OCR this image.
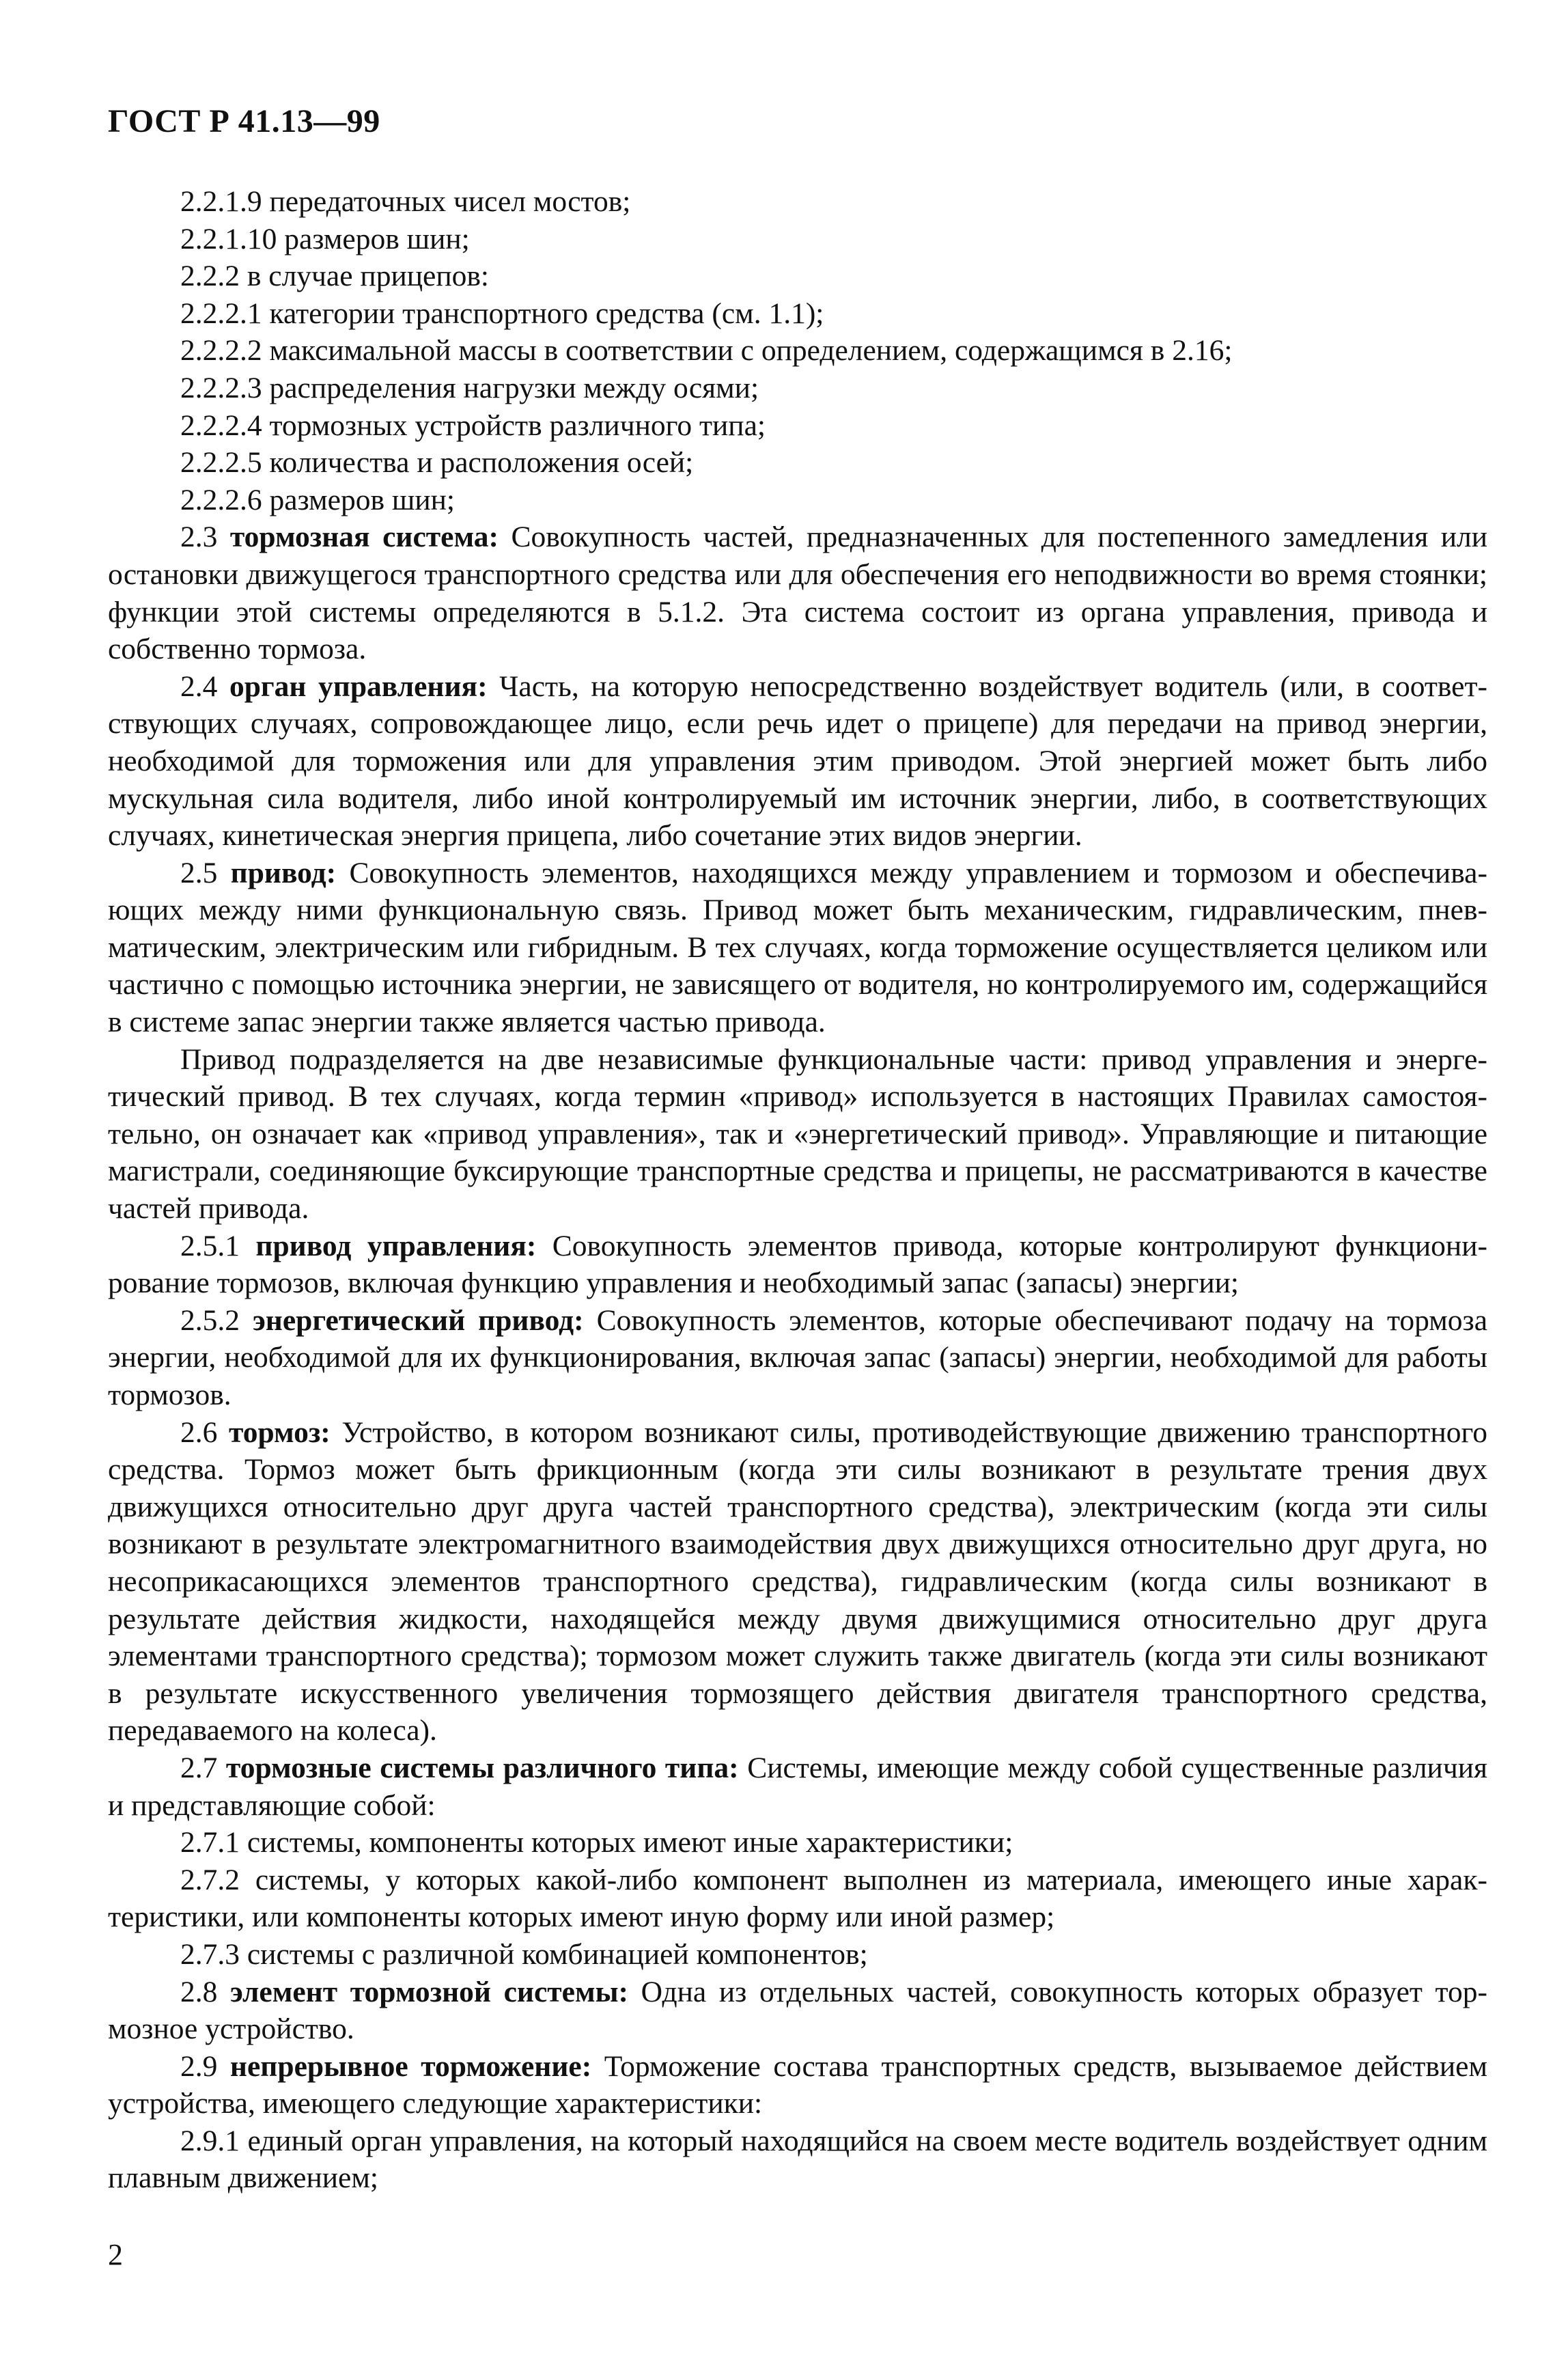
ГОСТ Р 41.13—99

2.2.1.9 передаточных чисел мостов;

2.2.1.10 размеров шин;

2.2.2 в случае прицепов:

2.2.2.1 категории транспортного средства (см. 1.1);

2.2.2.2 максимальной массы в соответствии с определением, содержащимся в 2.16;

2.2.2.3 распределения нагрузки между осями;

2.2.2.4 тормозных устройств различного типа;

2.2.2.5 количества и расположения осей;

2.2.2.6 размеров шин;

2.3 тормозная система: Совокупность частей, предназначенных для постепенного замедления или остановки движущегося транспортного средства или для обеспечения его неподвижности во время стоянки; функции этой системы определяются в 5.1.2. Эта система состоит из органа управления, привода и собственно тормоза.

2.4 орган управления: Часть, на которую непосредственно воздействует водитель (или, в соответствующих случаях, сопровождающее лицо, если речь идет о прицепе) для передачи на привод энергии, необходимой для торможения или для управления этим приводом. Этой энергией может быть либо мускульная сила водителя, либо иной контролируемый им источник энергии, либо, в соответствующих случаях, кинетическая энергия прицепа, либо сочетание этих видов энергии.

2.5 привод: Совокупность элементов, находящихся между управлением и тормозом и обеспечивающих между ними функциональную связь. Привод может быть механическим, гидравлическим, пневматическим, электрическим или гибридным. В тех случаях, когда торможение осуществляется целиком или частично с помощью источника энергии, не зависящего от водителя, но контролируемого им, содержащийся в системе запас энергии также является частью привода.

Привод подразделяется на две независимые функциональные части: привод управления и энергетический привод. В тех случаях, когда термин «привод» используется в настоящих Правилах самостоятельно, он означает как «привод управления», так и «энергетический привод». Управляющие и питающие магистрали, соединяющие буксирующие транспортные средства и прицепы, не рассматриваются в качестве частей привода.

2.5.1 привод управления: Совокупность элементов привода, которые контролируют функционирование тормозов, включая функцию управления и необходимый запас (запасы) энергии;

2.5.2 энергетический привод: Совокупность элементов, которые обеспечивают подачу на тормоза энергии, необходимой для их функционирования, включая запас (запасы) энергии, необходимой для работы тормозов.

2.6 тормоз: Устройство, в котором возникают силы, противодействующие движению транспортного средства. Тормоз может быть фрикционным (когда эти силы возникают в результате трения двух движущихся относительно друг друга частей транспортного средства), электрическим (когда эти силы возникают в результате электромагнитного взаимодействия двух движущихся относительно друг друга, но несоприкасающихся элементов транспортного средства), гидравлическим (когда силы возникают в результате действия жидкости, находящейся между двумя движущимися относительно друг друга элементами транспортного средства); тормозом может служить также двигатель (когда эти силы возникают в результате искусственного увеличения тормозящего действия двигателя транспортного средства, передаваемого на колеса).

2.7 тормозные системы различного типа: Системы, имеющие между собой существенные различия и представляющие собой:

2.7.1 системы, компоненты которых имеют иные характеристики;

2.7.2 системы, у которых какой-либо компонент выполнен из материала, имеющего иные характеристики, или компоненты которых имеют иную форму или иной размер;

2.7.3 системы с различной комбинацией компонентов;

2.8 элемент тормозной системы: Одна из отдельных частей, совокупность которых образует тормозное устройство.

2.9 непрерывное торможение: Торможение состава транспортных средств, вызываемое действием устройства, имеющего следующие характеристики:

2.9.1 единый орган управления, на который находящийся на своем месте водитель воздействует одним плавным движением;

2
